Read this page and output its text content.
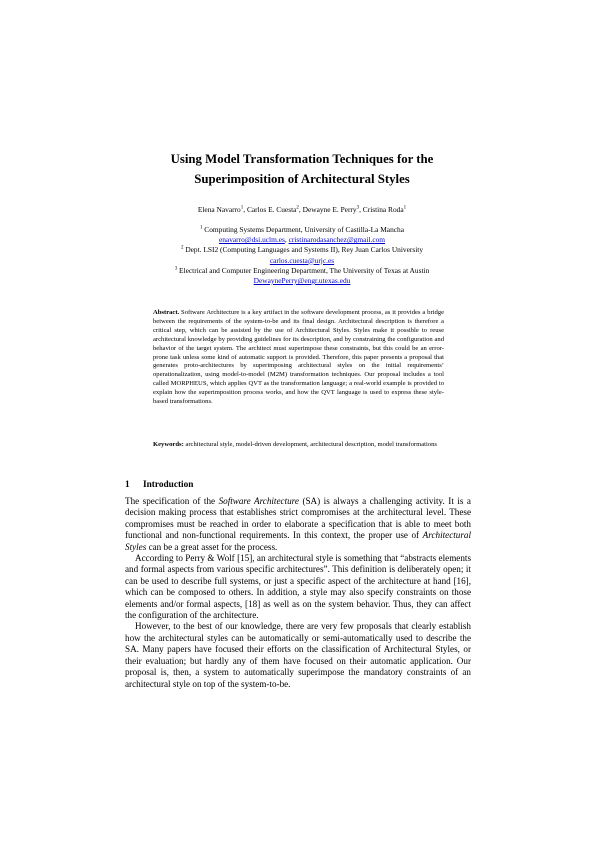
Using Model Transformation Techniques for the
Superimposition of Architectural Styles
Elena Navarro$^1$, Carlos E. Cuesta$^2$, Dewayne E. Perry$^3$, Cristina Roda$^1$
$^1$ Computing Systems Department, University of Castilla-La Mancha
enavarro@dsi.uclm.es, cristinarodasanchez@gmail.com
$^2$ Dept. LSI2 (Computing Languages and Systems II), Rey Juan Carlos University
carlos.cuesta@urjc.es
$^3$ Electrical and Computer Engineering Department, The University of Texas at Austin
DewaynePerry@engr.utexas.edu
Abstract. Software Architecture is a key artifact in the software development process, as it provides a bridge between the requirements of the system-to-be and its final design. Architectural description is therefore a critical step, which can be assisted by the use of Architectural Styles. Styles make it possible to reuse architectural knowledge by providing guidelines for its description, and by constraining the configuration and behavior of the target system. The architect must superimpose these constraints, but this could be an error-prone task unless some kind of automatic support is provided. Therefore, this paper presents a proposal that generates proto-architectures by superimposing architectural styles on the initial requirements’ operationalization, using model-to-model (M2M) transformation techniques. Our proposal includes a tool called MORPHEUS, which applies QVT as the transformation language; a real-world example is provided to explain how the superimposition process works, and how the QVT language is used to express these style-based transformations.
Keywords: architectural style, model-driven development, architectural description, model transformations
1 Introduction

The specification of the Software Architecture (SA) is always a challenging activity. It is a decision making process that establishes strict compromises at the architectural level. These compromises must be reached in order to elaborate a specification that is able to meet both functional and non-functional requirements. In this context, the proper use of Architectural Styles can be a great asset for the process.

According to Perry & Wolf [15], an architectural style is something that “abstracts elements and formal aspects from various specific architectures”. This definition is deliberately open; it can be used to describe full systems, or just a specific aspect of the architecture at hand [16], which can be composed to others. In addition, a style may also specify constraints on those elements and/or formal aspects, [18] as well as on the system behavior. Thus, they can affect the configuration of the architecture.

However, to the best of our knowledge, there are very few proposals that clearly establish how the architectural styles can be automatically or semi-automatically used to describe the SA. Many papers have focused their efforts on the classification of Architectural Styles, or their evaluation; but hardly any of them have focused on their automatic application. Our proposal is, then, a system to automatically superimpose the mandatory constraints of an architectural style on top of the system-to-be.
